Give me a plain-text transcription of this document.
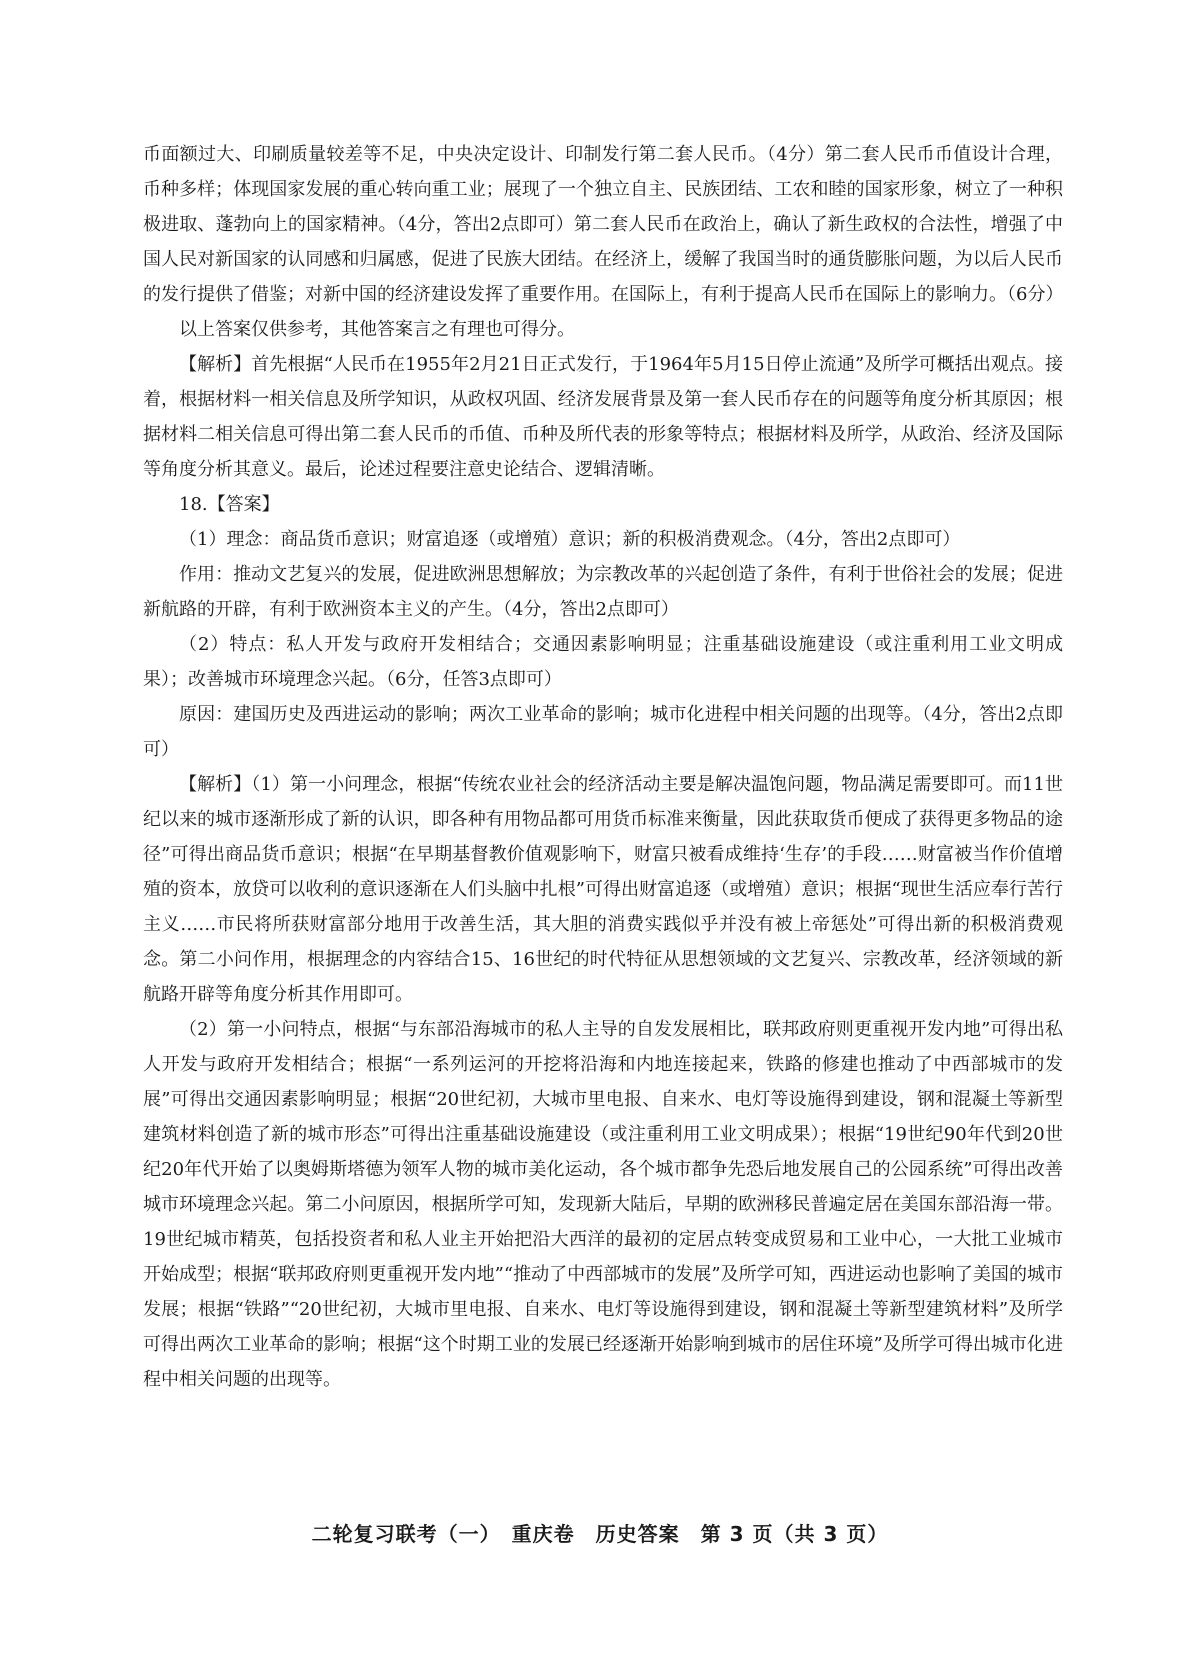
币面额过大、印刷质量较差等不足，中央决定设计、印制发行第二套人民币。（4分）第二套人民币币值设计合理，币种多样；体现国家发展的重心转向重工业；展现了一个独立自主、民族团结、工农和睦的国家形象，树立了一种积极进取、蓬勃向上的国家精神。（4分，答出2点即可）第二套人民币在政治上，确认了新生政权的合法性，增强了中国人民对新国家的认同感和归属感，促进了民族大团结。在经济上，缓解了我国当时的通货膨胀问题，为以后人民币的发行提供了借鉴；对新中国的经济建设发挥了重要作用。在国际上，有利于提高人民币在国际上的影响力。（6分）

以上答案仅供参考，其他答案言之有理也可得分。

【解析】首先根据“人民币在1955年2月21日正式发行，于1964年5月15日停止流通”及所学可概括出观点。接着，根据材料一相关信息及所学知识，从政权巩固、经济发展背景及第一套人民币存在的问题等角度分析其原因；根据材料二相关信息可得出第二套人民币的币值、币种及所代表的形象等特点；根据材料及所学，从政治、经济及国际等角度分析其意义。最后，论述过程要注意史论结合、逻辑清晰。

18.【答案】

（1）理念：商品货币意识；财富追逐（或增殖）意识；新的积极消费观念。（4分，答出2点即可）

作用：推动文艺复兴的发展，促进欧洲思想解放；为宗教改革的兴起创造了条件，有利于世俗社会的发展；促进新航路的开辟，有利于欧洲资本主义的产生。（4分，答出2点即可）

（2）特点：私人开发与政府开发相结合；交通因素影响明显；注重基础设施建设（或注重利用工业文明成果）；改善城市环境理念兴起。（6分，任答3点即可）

原因：建国历史及西进运动的影响；两次工业革命的影响；城市化进程中相关问题的出现等。（4分，答出2点即可）

【解析】（1）第一小问理念，根据“传统农业社会的经济活动主要是解决温饱问题，物品满足需要即可。而11世纪以来的城市逐渐形成了新的认识，即各种有用物品都可用货币标准来衡量，因此获取货币便成了获得更多物品的途径”可得出商品货币意识；根据“在早期基督教价值观影响下，财富只被看成维持‘生存’的手段……财富被当作价值增殖的资本，放贷可以收利的意识逐渐在人们头脑中扎根”可得出财富追逐（或增殖）意识；根据“现世生活应奉行苦行主义……市民将所获财富部分地用于改善生活，其大胆的消费实践似乎并没有被上帝惩处”可得出新的积极消费观念。第二小问作用，根据理念的内容结合15、16世纪的时代特征从思想领域的文艺复兴、宗教改革，经济领域的新航路开辟等角度分析其作用即可。

（2）第一小问特点，根据“与东部沿海城市的私人主导的自发发展相比，联邦政府则更重视开发内地”可得出私人开发与政府开发相结合；根据“一系列运河的开挖将沿海和内地连接起来，铁路的修建也推动了中西部城市的发展”可得出交通因素影响明显；根据“20世纪初，大城市里电报、自来水、电灯等设施得到建设，钢和混凝土等新型建筑材料创造了新的城市形态”可得出注重基础设施建设（或注重利用工业文明成果）；根据“19世纪90年代到20世纪20年代开始了以奥姆斯塔德为领军人物的城市美化运动，各个城市都争先恐后地发展自己的公园系统”可得出改善城市环境理念兴起。第二小问原因，根据所学可知，发现新大陆后，早期的欧洲移民普遍定居在美国东部沿海一带。19世纪城市精英，包括投资者和私人业主开始把沿大西洋的最初的定居点转变成贸易和工业中心，一大批工业城市开始成型；根据“联邦政府则更重视开发内地”“推动了中西部城市的发展”及所学可知，西进运动也影响了美国的城市发展；根据“铁路”“20世纪初，大城市里电报、自来水、电灯等设施得到建设，钢和混凝土等新型建筑材料”及所学可得出两次工业革命的影响；根据“这个时期工业的发展已经逐渐开始影响到城市的居住环境”及所学可得出城市化进程中相关问题的出现等。

二轮复习联考（一）　重庆卷　历史答案　第 3 页（共 3 页）
